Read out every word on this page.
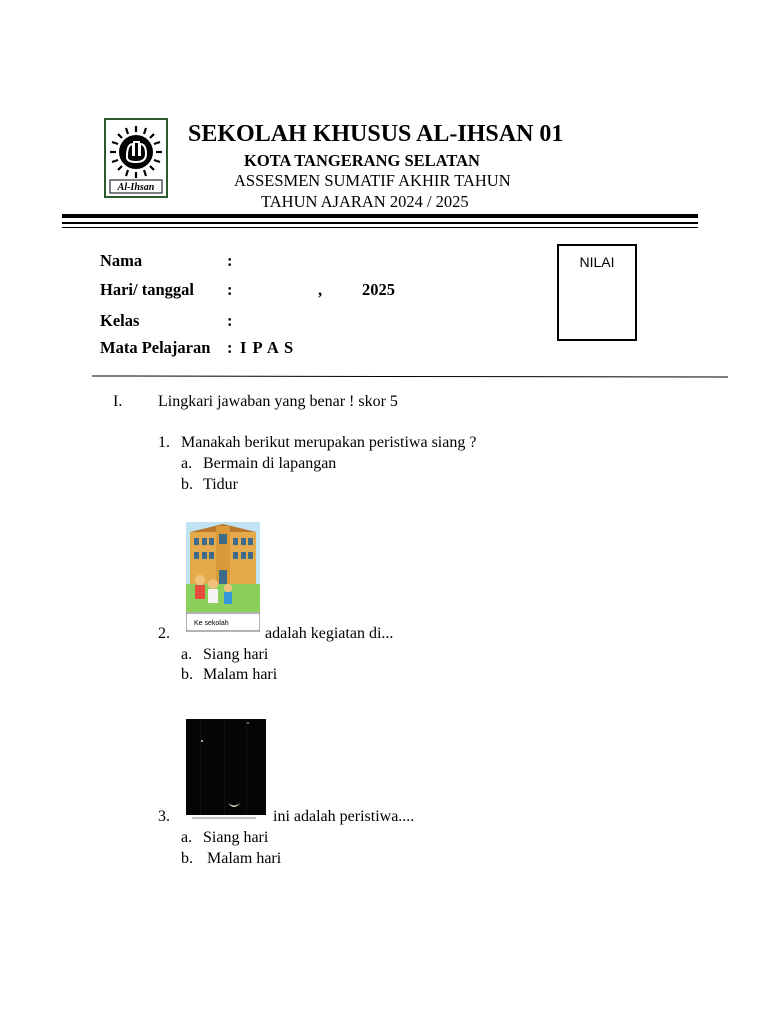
Al-Ihsan
SEKOLAH KHUSUS AL-IHSAN 01
KOTA TANGERANG SELATAN
ASSESMEN SUMATIF AKHIR TAHUN
TAHUN AJARAN 2024 / 2025
Nama	:
Hari/ tanggal :	, 2025
Kelas	:
Mata Pelajaran : I P A S
NILAI
I. Lingkari jawaban yang benar ! skor 5
1. Manakah berikut merupakan peristiwa siang ?
a. Bermain di lapangan
b. Tidur
Ke sekolah
2.	adalah kegiatan di...
a. Siang hari
b. Malam hari
3.	ini adalah peristiwa....
a. Siang hari
b. Malam hari
